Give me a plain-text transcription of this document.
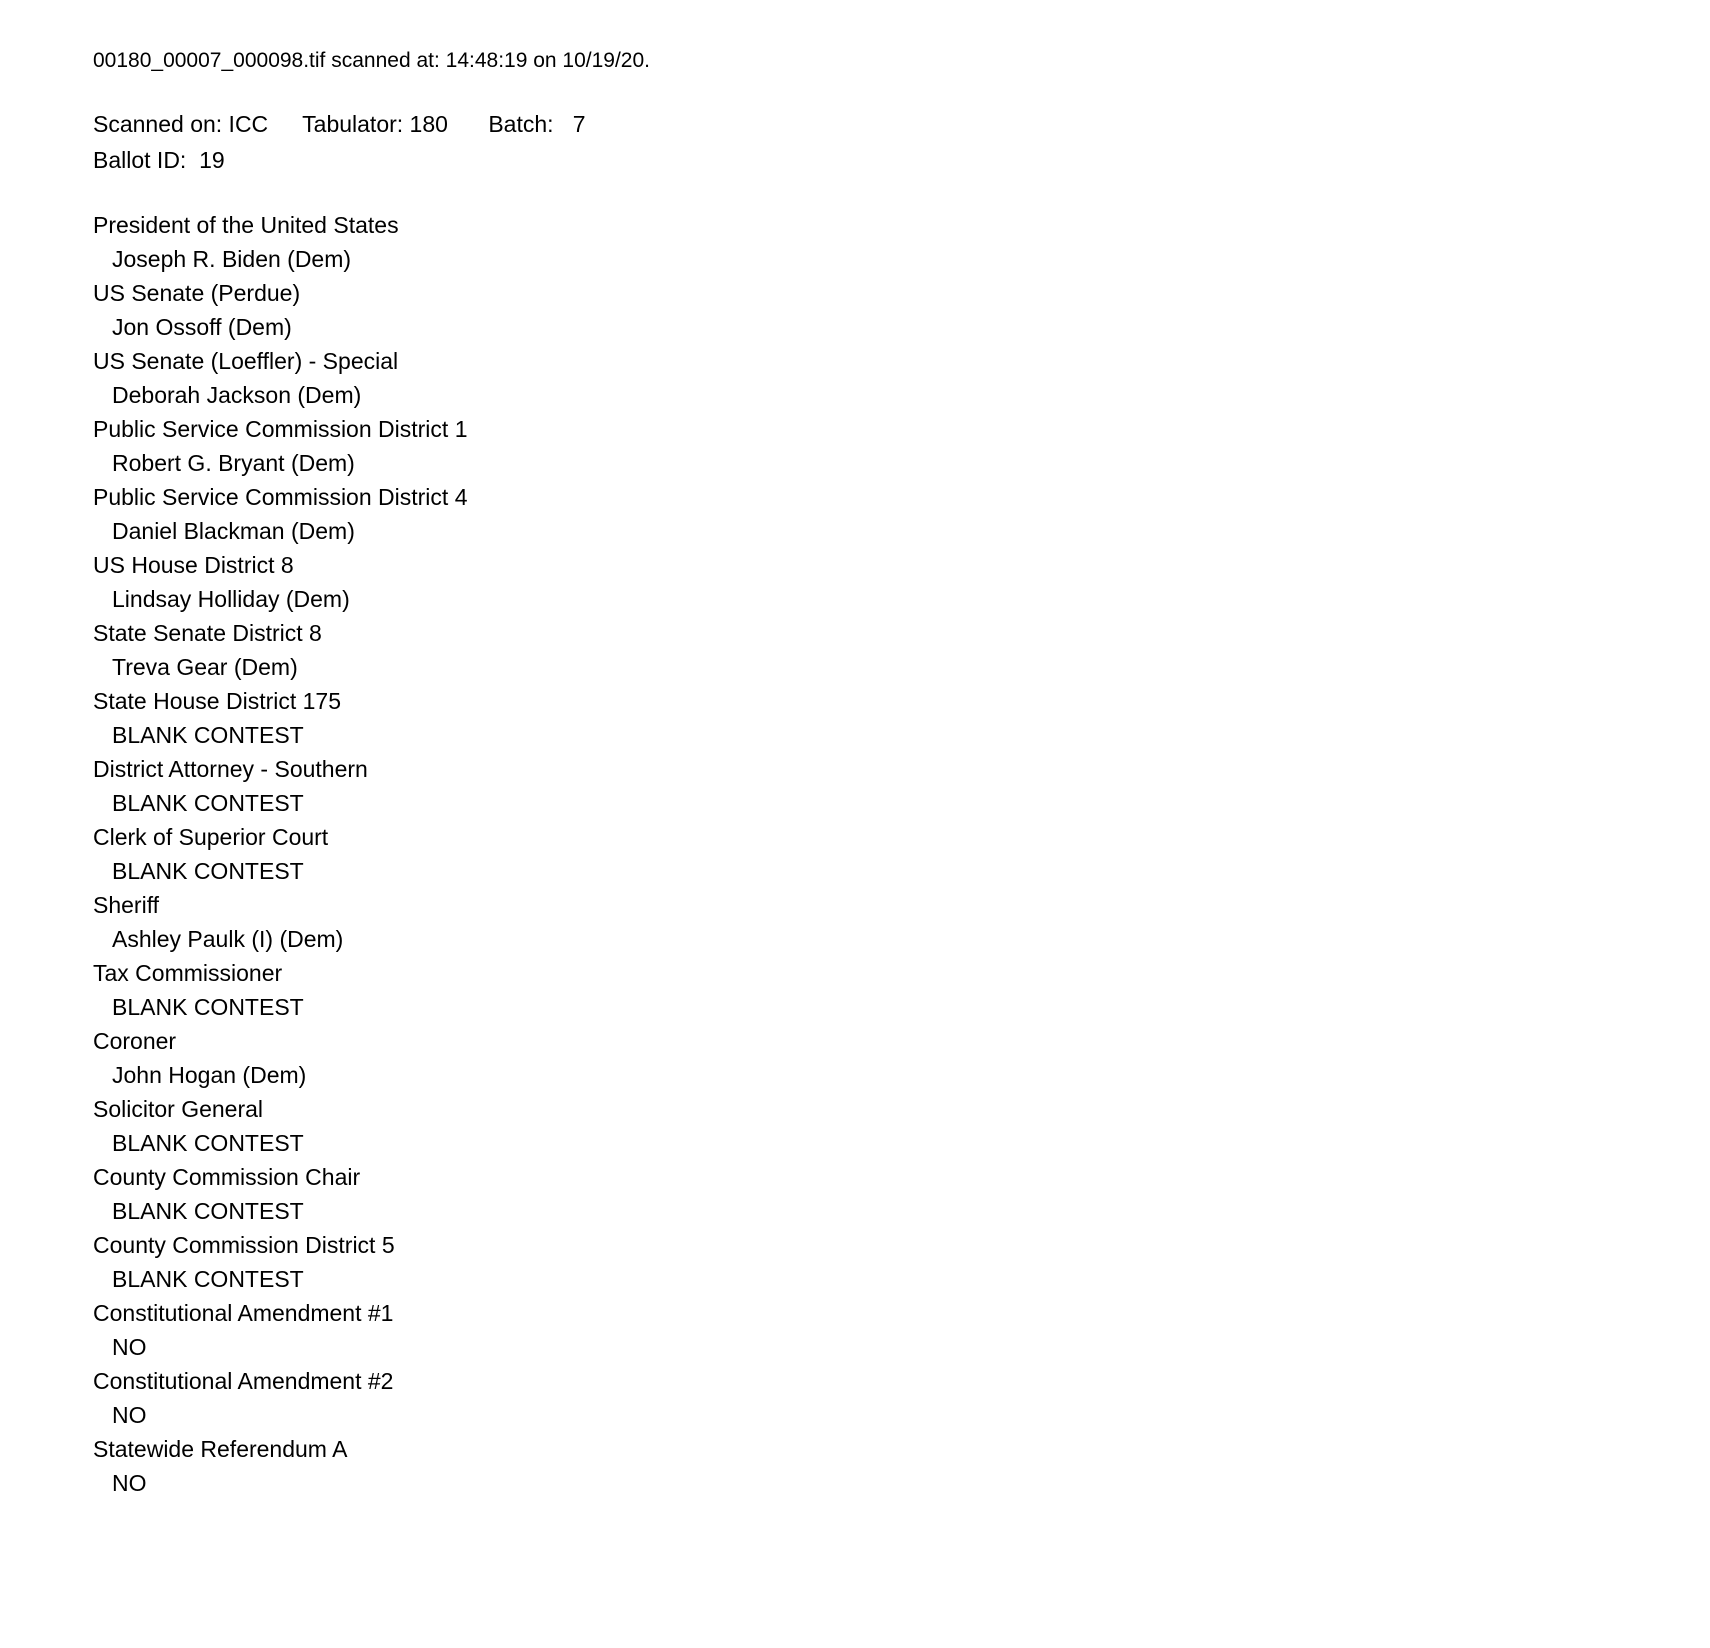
00180_00007_000098.tif scanned at: 14:48:19 on 10/19/20.
Scanned on: ICC Tabulator: 180 Batch:   7
Ballot ID:  19
President of the United States
Joseph R. Biden (Dem)
US Senate (Perdue)
Jon Ossoff (Dem)
US Senate (Loeffler) - Special
Deborah Jackson (Dem)
Public Service Commission District 1
Robert G. Bryant (Dem)
Public Service Commission District 4
Daniel Blackman (Dem)
US House District 8
Lindsay Holliday (Dem)
State Senate District 8
Treva Gear (Dem)
State House District 175
BLANK CONTEST
District Attorney - Southern
BLANK CONTEST
Clerk of Superior Court
BLANK CONTEST
Sheriff
Ashley Paulk (I) (Dem)
Tax Commissioner
BLANK CONTEST
Coroner
John Hogan (Dem)
Solicitor General
BLANK CONTEST
County Commission Chair
BLANK CONTEST
County Commission District 5
BLANK CONTEST
Constitutional Amendment #1
NO
Constitutional Amendment #2
NO
Statewide Referendum A
NO
